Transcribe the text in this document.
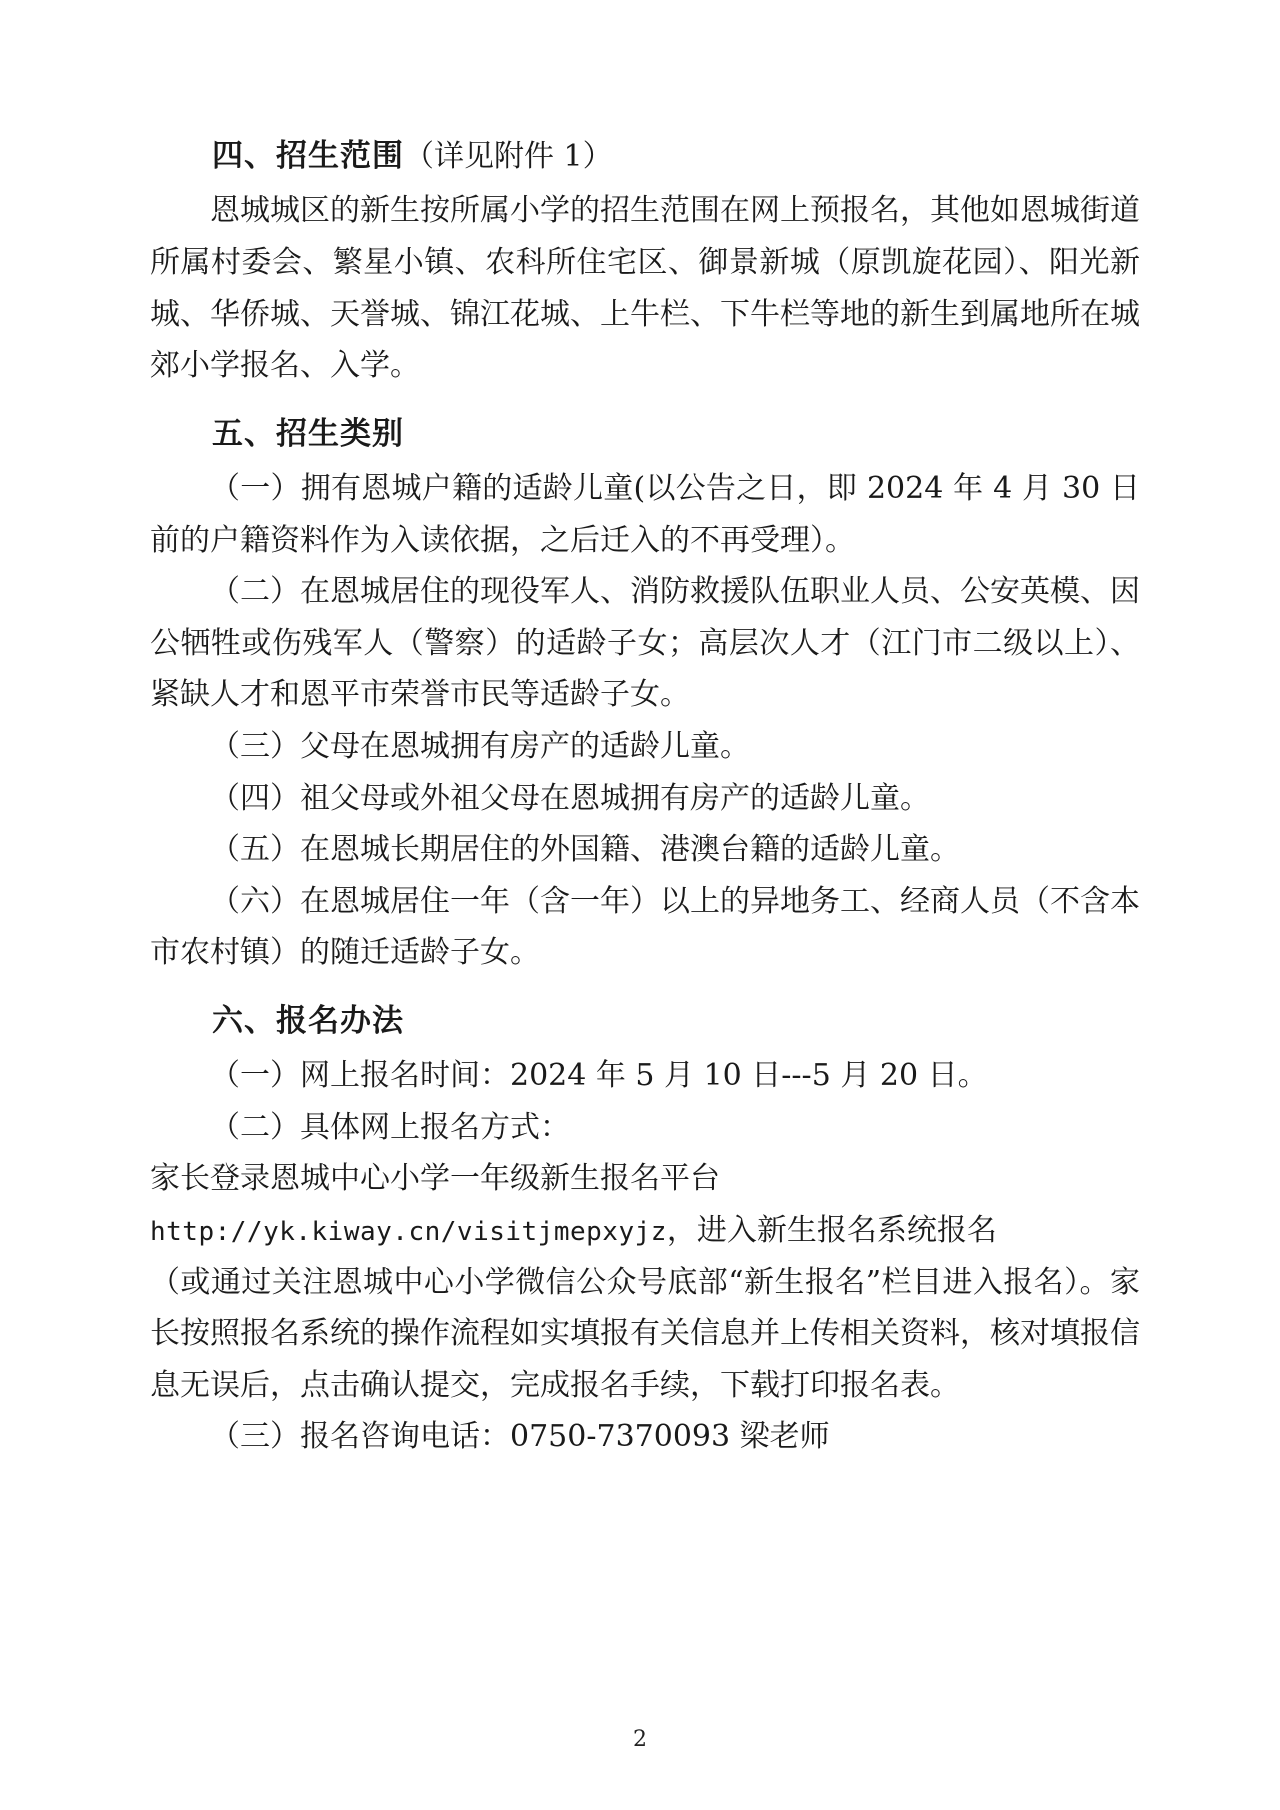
四、招生范围（详见附件 1）

恩城城区的新生按所属小学的招生范围在网上预报名，其他如恩城街道所属村委会、繁星小镇、农科所住宅区、御景新城（原凯旋花园）、阳光新城、华侨城、天誉城、锦江花城、上牛栏、下牛栏等地的新生到属地所在城郊小学报名、入学。

五、招生类别

（一）拥有恩城户籍的适龄儿童(以公告之日，即 2024 年 4 月 30 日前的户籍资料作为入读依据，之后迁入的不再受理）。

（二）在恩城居住的现役军人、消防救援队伍职业人员、公安英模、因公牺牲或伤残军人（警察）的适龄子女；高层次人才（江门市二级以上）、紧缺人才和恩平市荣誉市民等适龄子女。

（三）父母在恩城拥有房产的适龄儿童。

（四）祖父母或外祖父母在恩城拥有房产的适龄儿童。

（五）在恩城长期居住的外国籍、港澳台籍的适龄儿童。

（六）在恩城居住一年（含一年）以上的异地务工、经商人员（不含本市农村镇）的随迁适龄子女。

六、报名办法

（一）网上报名时间：2024 年 5 月 10 日---5 月 20 日。

（二）具体网上报名方式：

家长登录恩城中心小学一年级新生报名平台

http://yk.kiway.cn/visitjmepxyjz，进入新生报名系统报名

（或通过关注恩城中心小学微信公众号底部“新生报名”栏目进入报名）。家长按照报名系统的操作流程如实填报有关信息并上传相关资料，核对填报信息无误后，点击确认提交，完成报名手续，下载打印报名表。

（三）报名咨询电话：0750-7370093 梁老师

2
